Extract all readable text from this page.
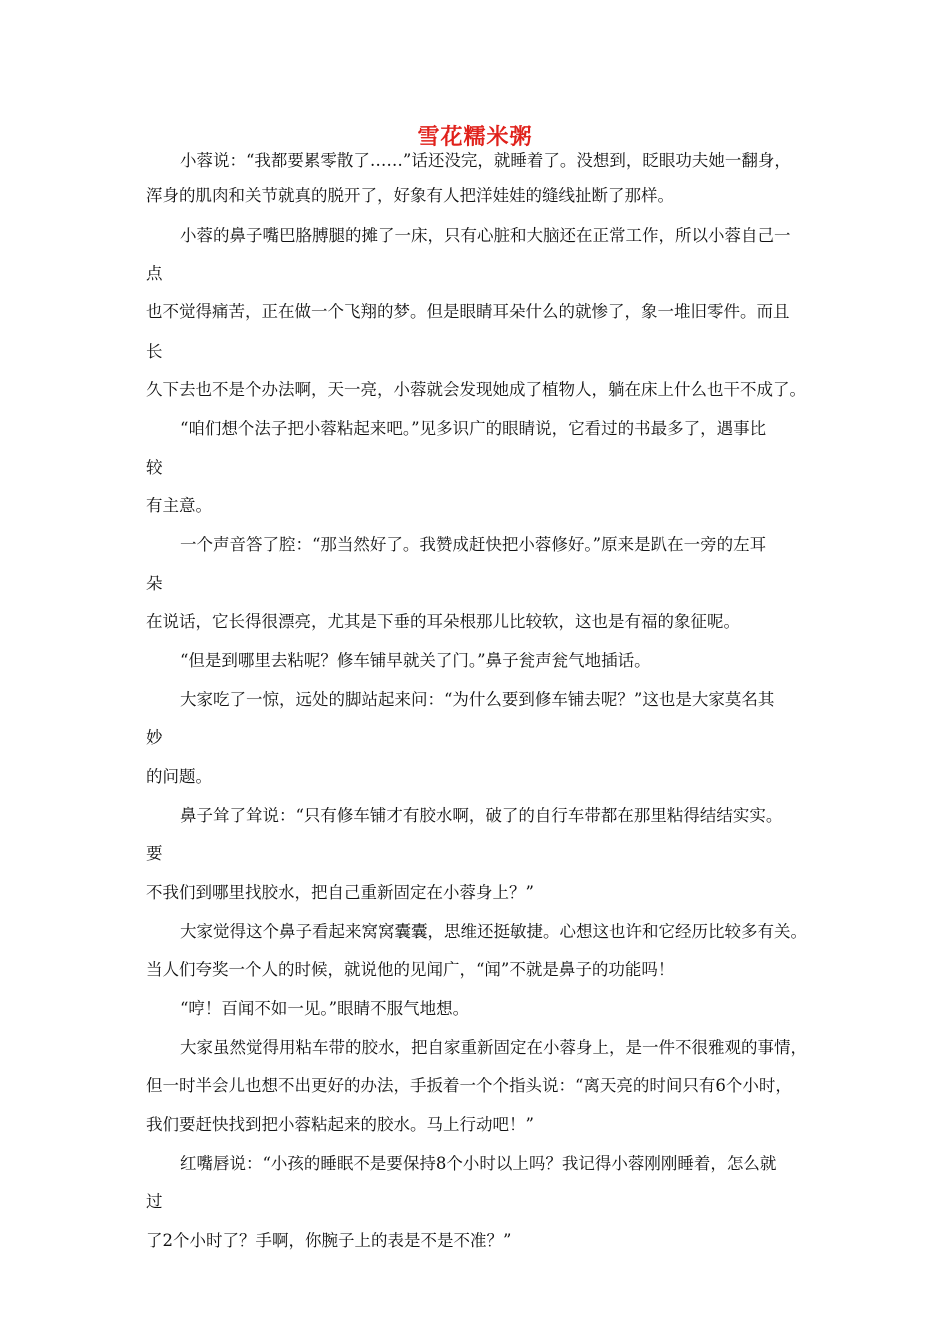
雪花糯米粥
小蓉说：“我都要累零散了……”话还没完，就睡着了。没想到，眨眼功夫她一翻身，
浑身的肌肉和关节就真的脱开了，好象有人把洋娃娃的缝线扯断了那样。
小蓉的鼻子嘴巴胳膊腿的摊了一床，只有心脏和大脑还在正常工作，所以小蓉自己一
点
也不觉得痛苦，正在做一个飞翔的梦。但是眼睛耳朵什么的就惨了，象一堆旧零件。而且
长
久下去也不是个办法啊，天一亮，小蓉就会发现她成了植物人，躺在床上什么也干不成了。
“咱们想个法子把小蓉粘起来吧。”见多识广的眼睛说，它看过的书最多了，遇事比
较
有主意。
一个声音答了腔：“那当然好了。我赞成赶快把小蓉修好。”原来是趴在一旁的左耳
朵
在说话，它长得很漂亮，尤其是下垂的耳朵根那儿比较软，这也是有福的象征呢。
“但是到哪里去粘呢？修车铺早就关了门。”鼻子瓮声瓮气地插话。
大家吃了一惊，远处的脚站起来问：“为什么要到修车铺去呢？”这也是大家莫名其
妙
的问题。
鼻子耸了耸说：“只有修车铺才有胶水啊，破了的自行车带都在那里粘得结结实实。
要
不我们到哪里找胶水，把自己重新固定在小蓉身上？”
大家觉得这个鼻子看起来窝窝囊囊，思维还挺敏捷。心想这也许和它经历比较多有关。
当人们夸奖一个人的时候，就说他的见闻广，“闻”不就是鼻子的功能吗！
“哼！百闻不如一见。”眼睛不服气地想。
大家虽然觉得用粘车带的胶水，把自家重新固定在小蓉身上，是一件不很雅观的事情，
但一时半会儿也想不出更好的办法，手扳着一个个指头说：“离天亮的时间只有6个小时，
我们要赶快找到把小蓉粘起来的胶水。马上行动吧！”
红嘴唇说：“小孩的睡眠不是要保持8个小时以上吗？我记得小蓉刚刚睡着，怎么就
过
了2个小时了？手啊，你腕子上的表是不是不准？”
